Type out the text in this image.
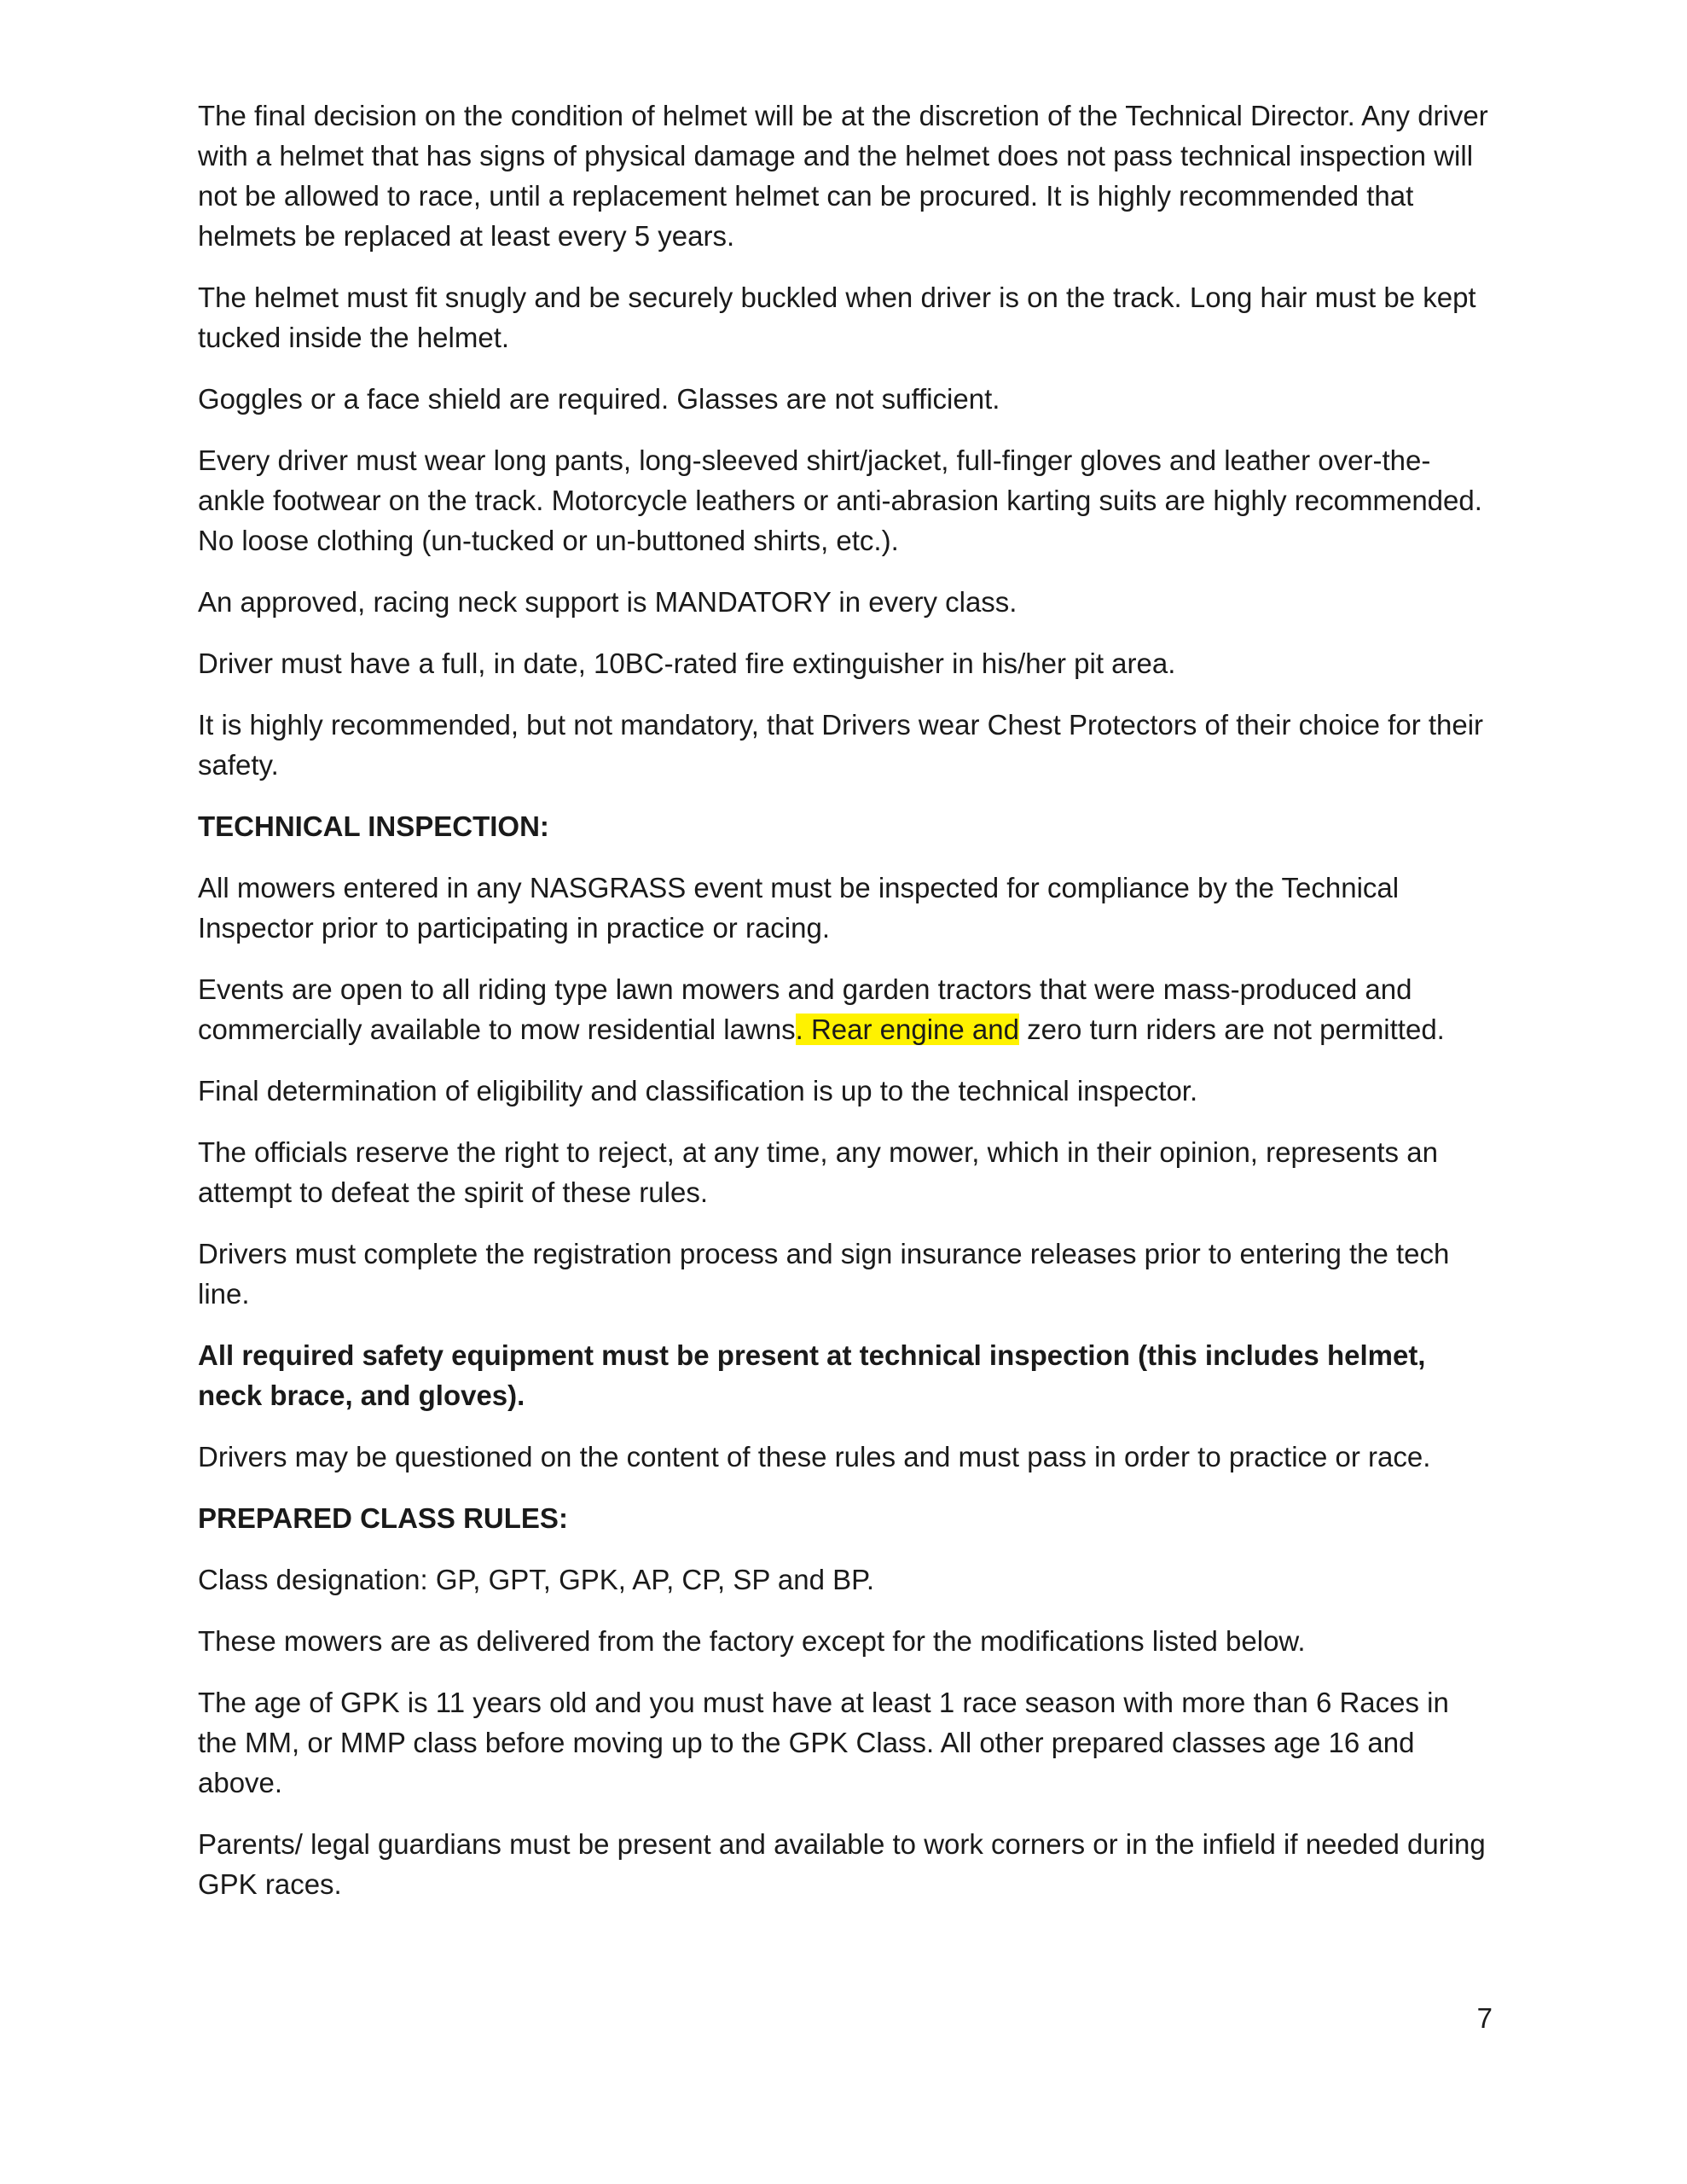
The final decision on the condition of helmet will be at the discretion of the Technical Director. Any driver with a helmet that has signs of physical damage and the helmet does not pass technical inspection will not be allowed to race, until a replacement helmet can be procured. It is highly recommended that helmets be replaced at least every 5 years.

The helmet must fit snugly and be securely buckled when driver is on the track. Long hair must be kept tucked inside the helmet.

Goggles or a face shield are required. Glasses are not sufficient.

Every driver must wear long pants, long-sleeved shirt/jacket, full-finger gloves and leather over-the-ankle footwear on the track. Motorcycle leathers or anti-abrasion karting suits are highly recommended. No loose clothing (un-tucked or un-buttoned shirts, etc.).

An approved, racing neck support is MANDATORY in every class.

Driver must have a full, in date, 10BC-rated fire extinguisher in his/her pit area.

It is highly recommended, but not mandatory, that Drivers wear Chest Protectors of their choice for their safety.

TECHNICAL INSPECTION:

All mowers entered in any NASGRASS event must be inspected for compliance by the Technical Inspector prior to participating in practice or racing.

Events are open to all riding type lawn mowers and garden tractors that were mass-produced and commercially available to mow residential lawns. Rear engine and zero turn riders are not permitted.

Final determination of eligibility and classification is up to the technical inspector.

The officials reserve the right to reject, at any time, any mower, which in their opinion, represents an attempt to defeat the spirit of these rules.

Drivers must complete the registration process and sign insurance releases prior to entering the tech line.

All required safety equipment must be present at technical inspection (this includes helmet, neck brace, and gloves).

Drivers may be questioned on the content of these rules and must pass in order to practice or race.

PREPARED CLASS RULES:

Class designation: GP, GPT, GPK, AP, CP, SP and BP.

These mowers are as delivered from the factory except for the modifications listed below.

The age of GPK is 11 years old and you must have at least 1 race season with more than 6 Races in the MM, or MMP class before moving up to the GPK Class. All other prepared classes age 16 and above.

Parents/ legal guardians must be present and available to work corners or in the infield if needed during GPK races.

7
